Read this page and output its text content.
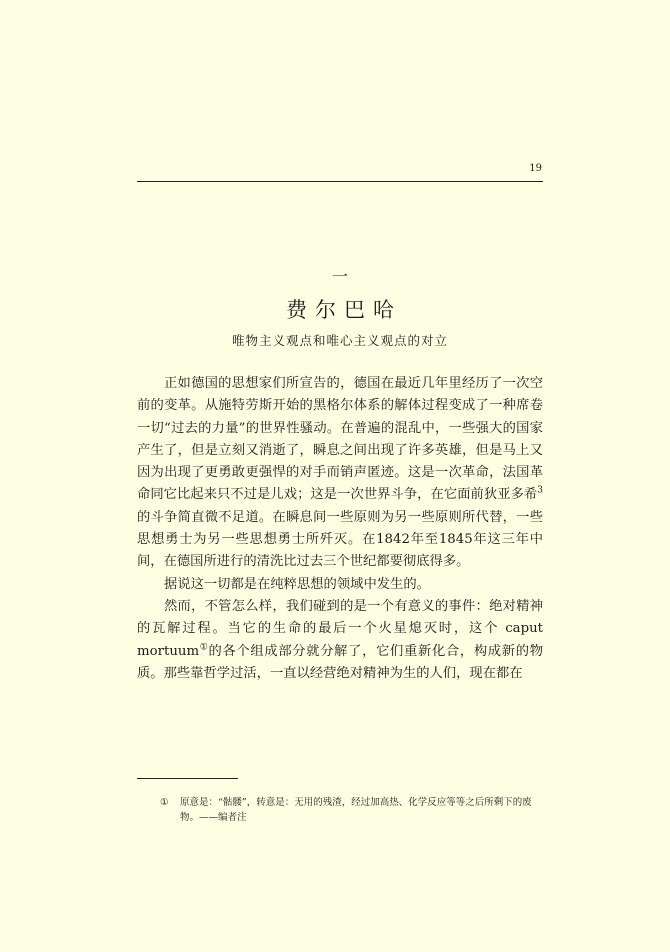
19
一
费尔巴哈
唯物主义观点和唯心主义观点的对立

正如德国的思想家们所宣告的，德国在最近几年里经历了一次空前的变革。从施特劳斯开始的黑格尔体系的解体过程变成了一种席卷一切“过去的力量”的世界性骚动。在普遍的混乱中，一些强大的国家产生了，但是立刻又消逝了，瞬息之间出现了许多英雄，但是马上又因为出现了更勇敢更强悍的对手而销声匿迹。这是一次革命，法国革命同它比起来只不过是儿戏；这是一次世界斗争，在它面前狄亚多希$^3$ 的斗争简直微不足道。在瞬息间一些原则为另一些原则所代替，一些思想勇士为另一些思想勇士所歼灭。在1842年至1845年这三年中间，在德国所进行的清洗比过去三个世纪都要彻底得多。

据说这一切都是在纯粹思想的领域中发生的。

然而，不管怎么样，我们碰到的是一个有意义的事件：绝对精神的瓦解过程。当它的生命的最后一个火星熄灭时，这个 caput mortuum①的各个组成部分就分解了，它们重新化合，构成新的物质。那些靠哲学过活，一直以经营绝对精神为生的人们，现在都在

①	原意是：“骷髅”，转意是：无用的残渣，经过加高热、化学反应等等之后所剩下的废物。——编者注
